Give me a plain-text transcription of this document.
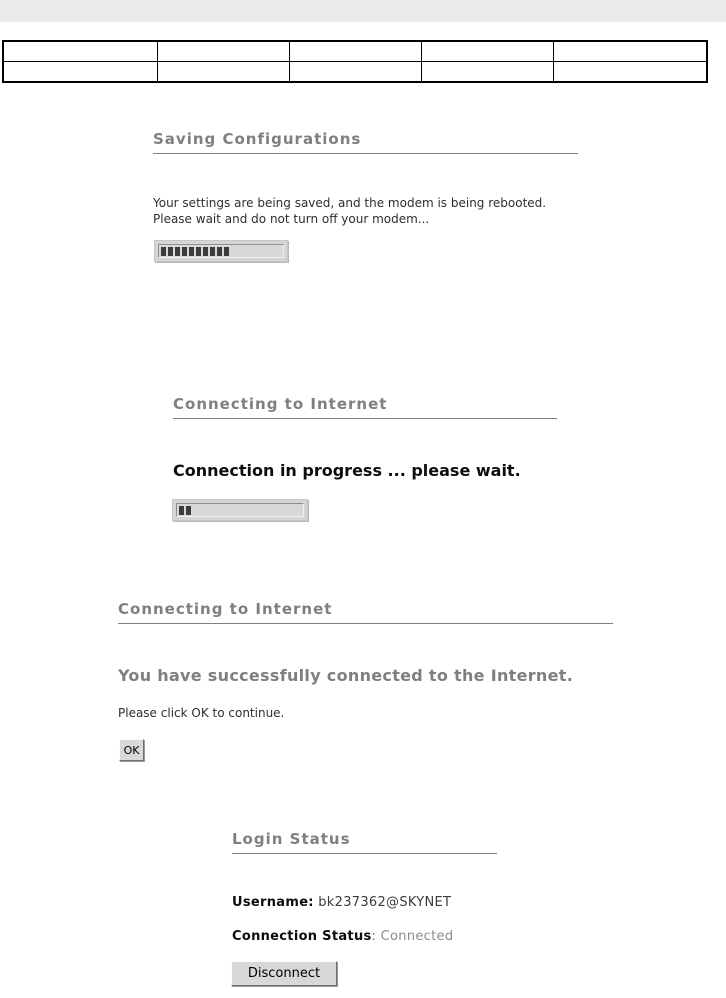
Saving Configurations
Your settings are being saved, and the modem is being rebooted.
Please wait and do not turn off your modem...
Connecting to Internet
Connection in progress ... please wait.
Connecting to Internet
You have successfully connected to the Internet.
Please click OK to continue.
OK
Login Status
Username: bk237362@SKYNET
Connection Status: Connected
Disconnect
